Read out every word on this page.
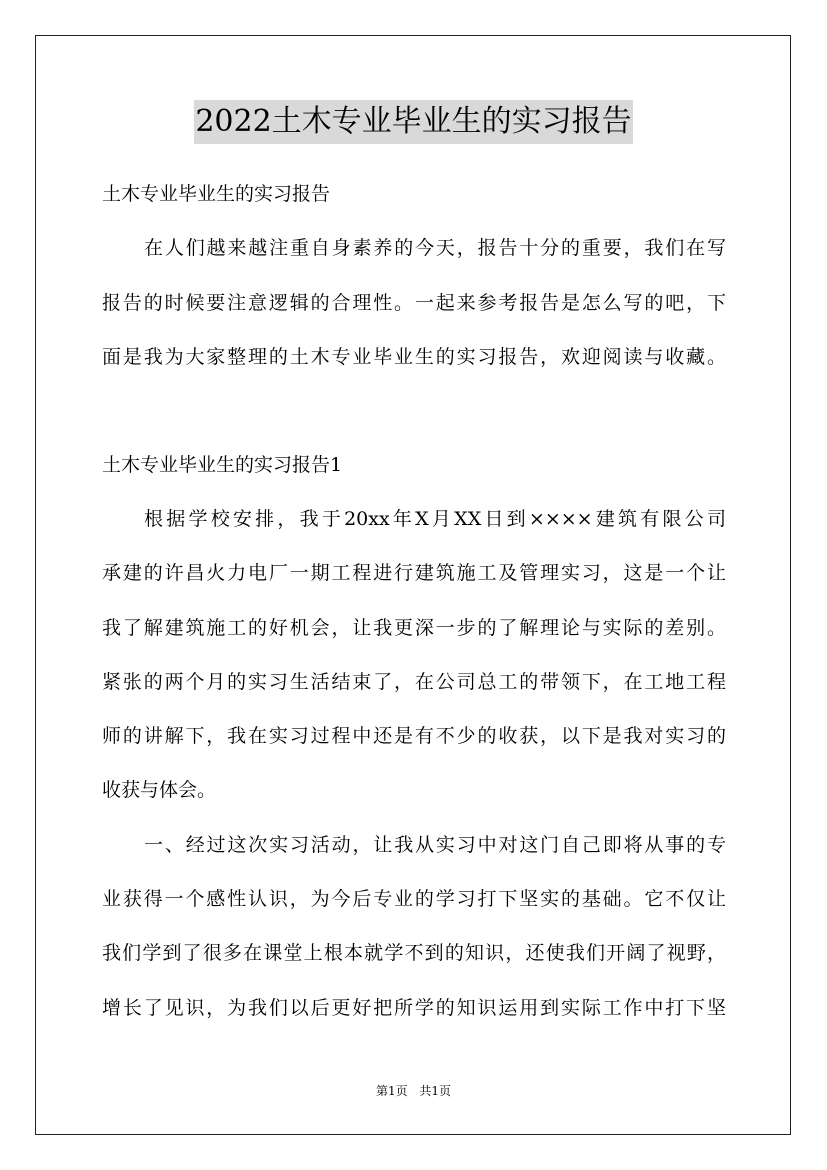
2022土木专业毕业生的实习报告
土木专业毕业生的实习报告
在人们越来越注重自身素养的今天，报告十分的重要，我们在写
报告的时候要注意逻辑的合理性。一起来参考报告是怎么写的吧，下
面是我为大家整理的土木专业毕业生的实习报告，欢迎阅读与收藏。
土木专业毕业生的实习报告1
根据学校安排，我于20xx年X月XX日到××××建筑有限公司
承建的许昌火力电厂一期工程进行建筑施工及管理实习，这是一个让
我了解建筑施工的好机会，让我更深一步的了解理论与实际的差别。
紧张的两个月的实习生活结束了，在公司总工的带领下，在工地工程
师的讲解下，我在实习过程中还是有不少的收获，以下是我对实习的
收获与体会。
一、经过这次实习活动，让我从实习中对这门自己即将从事的专
业获得一个感性认识，为今后专业的学习打下坚实的基础。它不仅让
我们学到了很多在课堂上根本就学不到的知识，还使我们开阔了视野，
增长了见识，为我们以后更好把所学的知识运用到实际工作中打下坚
第1页 共1页
